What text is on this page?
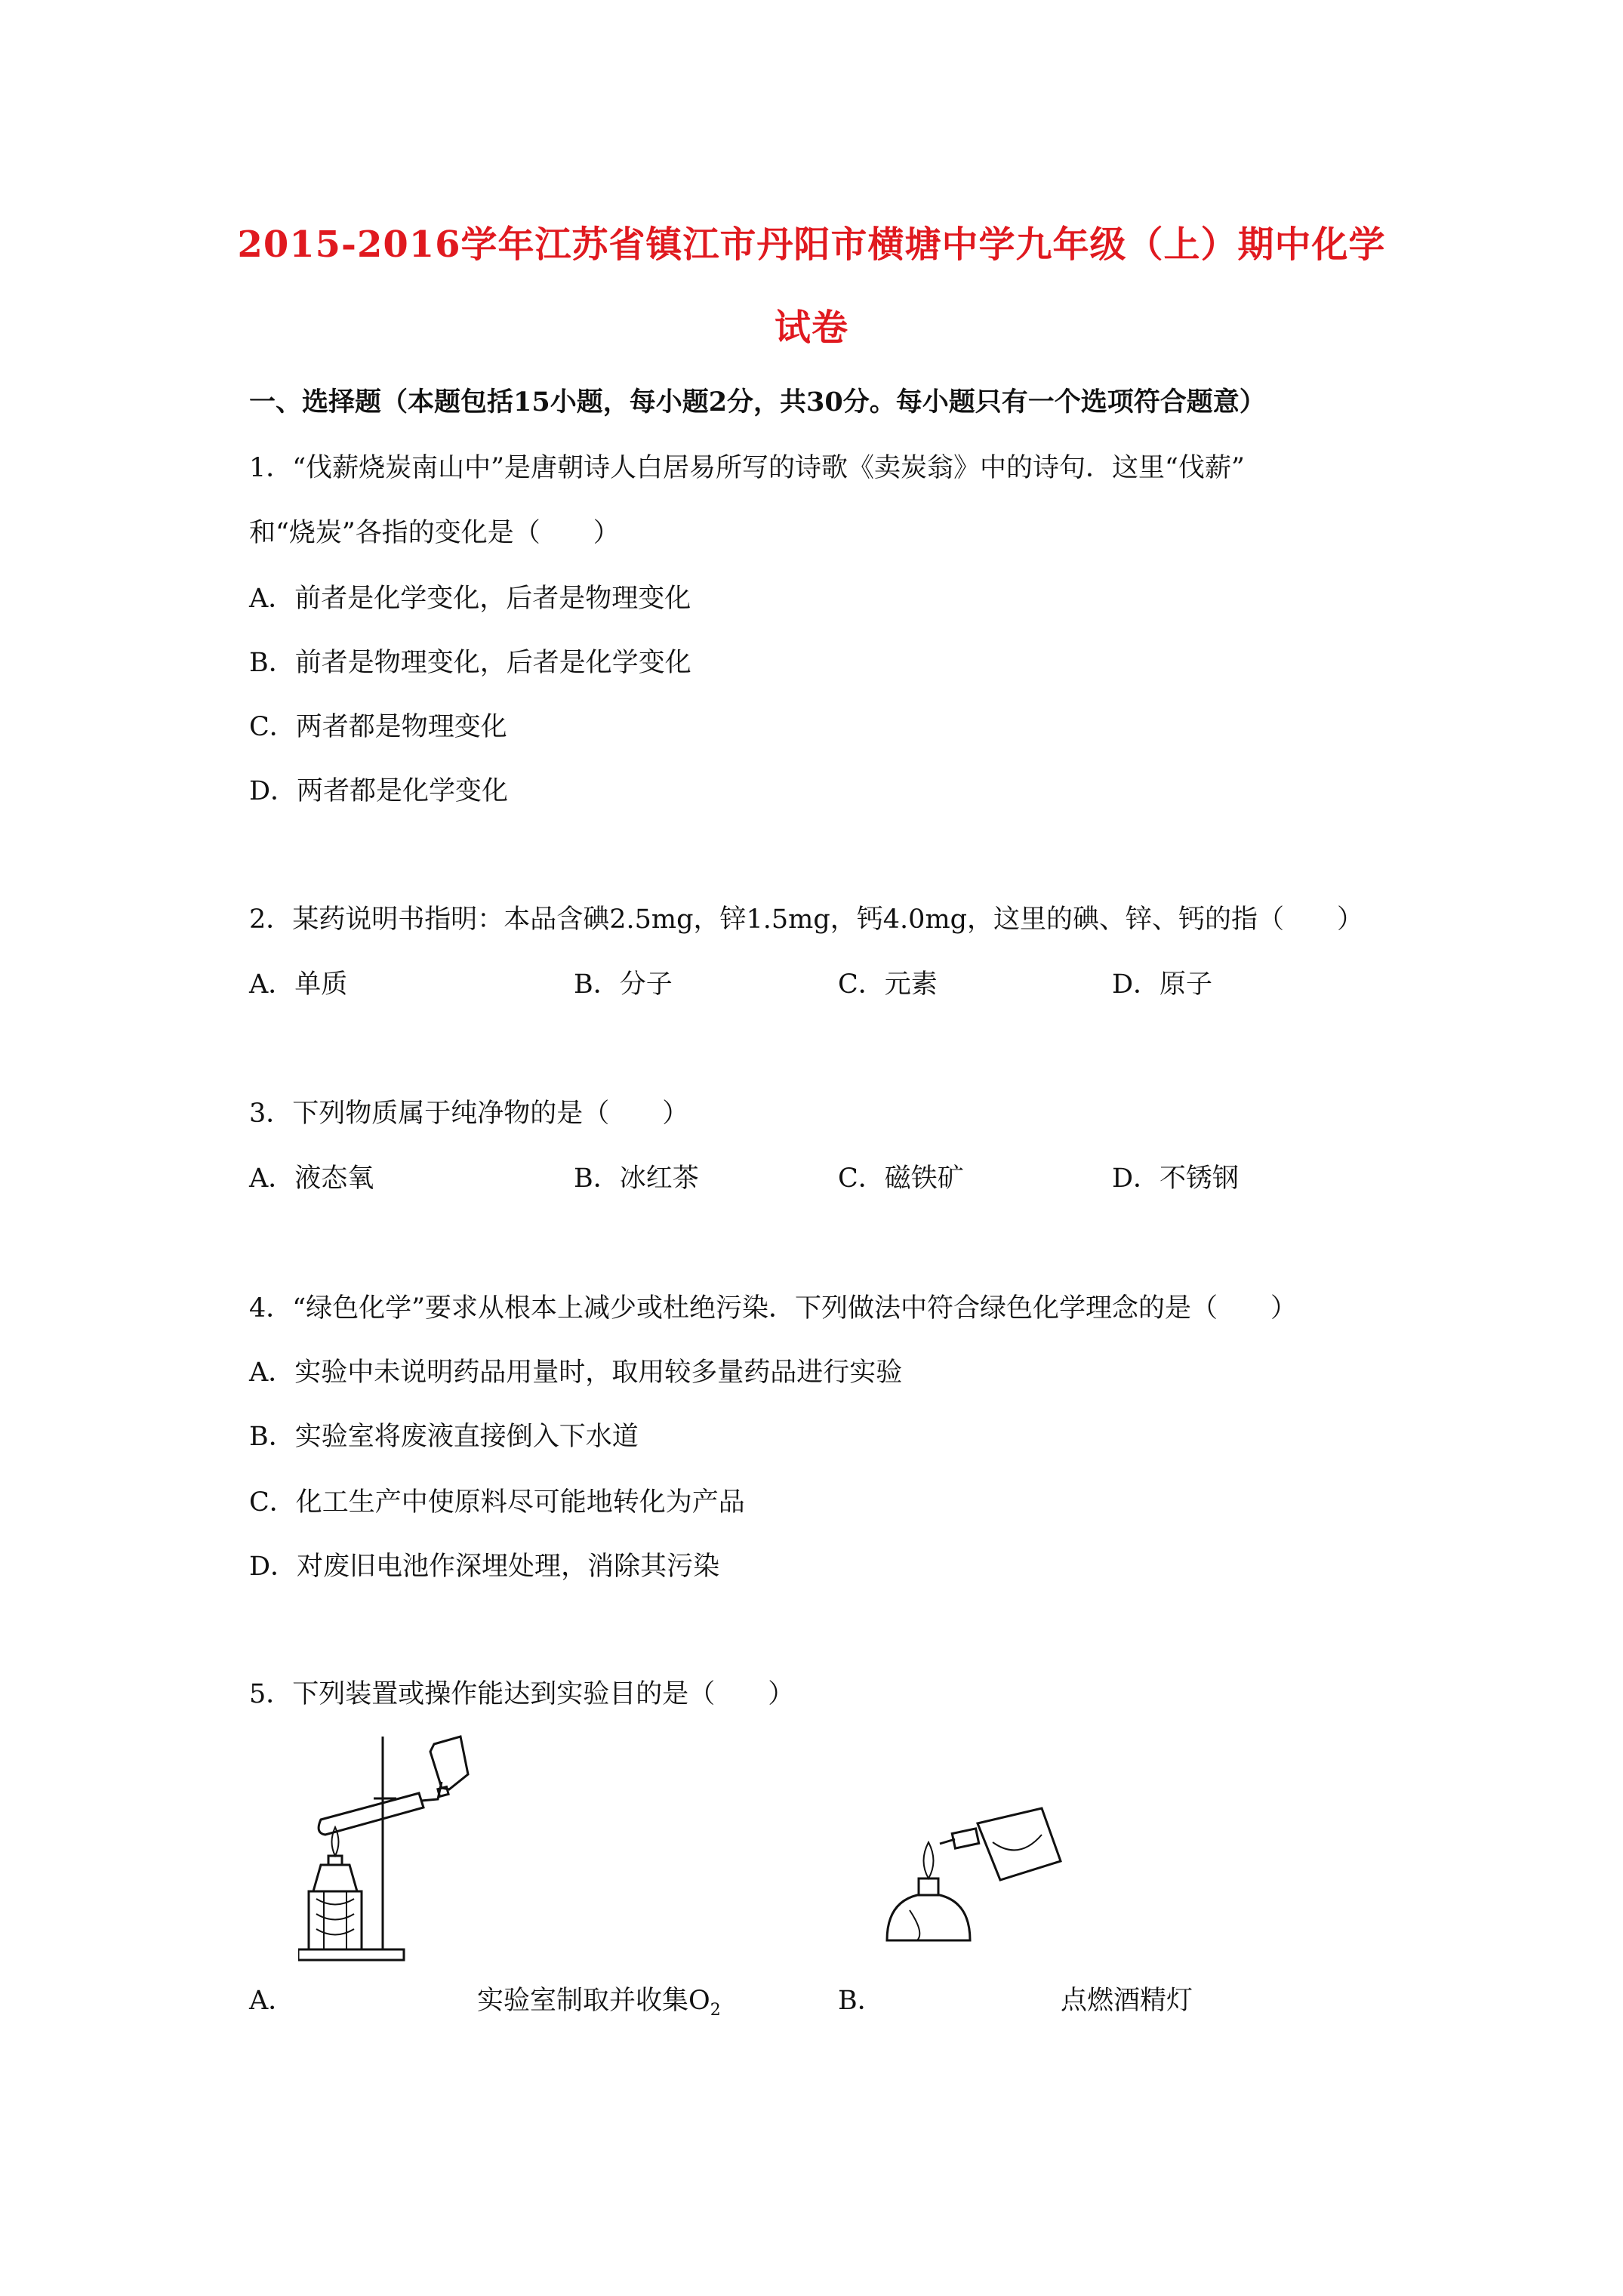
2015-2016学年江苏省镇江市丹阳市横塘中学九年级（上）期中化学
试卷
一、选择题（本题包括15小题，每小题2分，共30分。每小题只有一个选项符合题意）
1．“伐薪烧炭南山中”是唐朝诗人白居易所写的诗歌《卖炭翁》中的诗句．这里“伐薪”
和“烧炭”各指的变化是（　　）
A．前者是化学变化，后者是物理变化
B．前者是物理变化，后者是化学变化
C．两者都是物理变化
D．两者都是化学变化
2．某药说明书指明：本品含碘2.5mg，锌1.5mg，钙4.0mg，这里的碘、锌、钙的指（　　）
A．单质	B．分子	C．元素	D．原子
3．下列物质属于纯净物的是（　　）
A．液态氧	B．冰红茶	C．磁铁矿	D．不锈钢
4．“绿色化学”要求从根本上减少或杜绝污染．下列做法中符合绿色化学理念的是（　　）
A．实验中未说明药品用量时，取用较多量药品进行实验
B．实验室将废液直接倒入下水道
C．化工生产中使原料尽可能地转化为产品
D．对废旧电池作深埋处理，消除其污染
5．下列装置或操作能达到实验目的是（　　）
A．	实验室制取并收集$O_2$	B．	点燃酒精灯
